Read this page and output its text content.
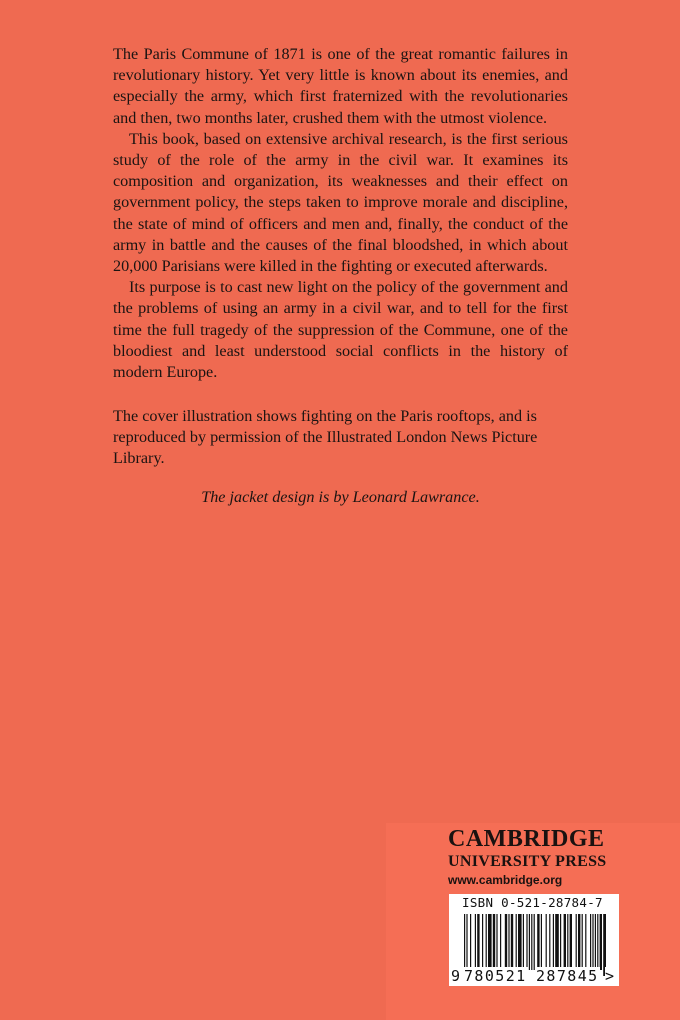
The Paris Commune of 1871 is one of the great romantic failures in revolutionary history. Yet very little is known about its enemies, and especially the army, which first fraternized with the revolutionaries and then, two months later, crushed them with the utmost violence.

This book, based on extensive archival research, is the first serious study of the role of the army in the civil war. It examines its composition and organization, its weaknesses and their effect on government policy, the steps taken to improve morale and discipline, the state of mind of officers and men and, finally, the conduct of the army in battle and the causes of the final bloodshed, in which about 20,000 Parisians were killed in the fighting or executed afterwards.

Its purpose is to cast new light on the policy of the government and the problems of using an army in a civil war, and to tell for the first time the full tragedy of the suppression of the Commune, one of the bloodiest and least understood social conflicts in the history of modern Europe.

The cover illustration shows fighting on the Paris rooftops, and is reproduced by permission of the Illustrated London News Picture Library.

The jacket design is by Leonard Lawrance.
CAMBRIDGE
UNIVERSITY PRESS
www.cambridge.org
ISBN 0-521-28784-7
9 780521 287845 >
